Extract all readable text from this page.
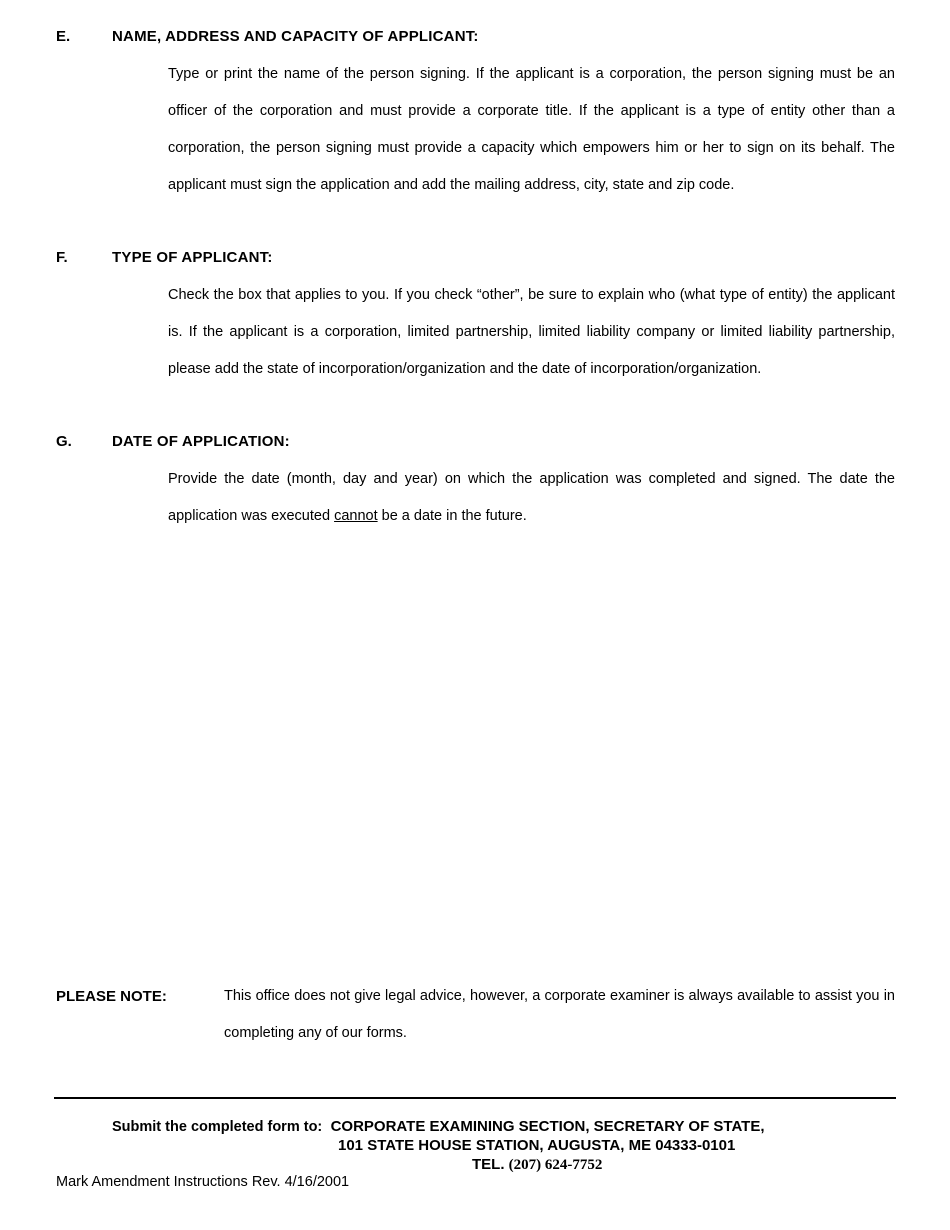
E.	NAME, ADDRESS AND CAPACITY OF APPLICANT:
Type or print the name of the person signing. If the applicant is a corporation, the person signing must be an officer of the corporation and must provide a corporate title. If the applicant is a type of entity other than a corporation, the person signing must provide a capacity which empowers him or her to sign on its behalf. The applicant must sign the application and add the mailing address, city, state and zip code.
F.	TYPE OF APPLICANT:
Check the box that applies to you. If you check “other”, be sure to explain who (what type of entity) the applicant is. If the applicant is a corporation, limited partnership, limited liability company or limited liability partnership, please add the state of incorporation/organization and the date of incorporation/organization.
G.	DATE OF APPLICATION:
Provide the date (month, day and year) on which the application was completed and signed. The date the application was executed cannot be a date in the future.
PLEASE NOTE:	This office does not give legal advice, however, a corporate examiner is always available to assist you in completing any of our forms.
Submit the completed form to: CORPORATE EXAMINING SECTION, SECRETARY OF STATE,
101 STATE HOUSE STATION, AUGUSTA, ME 04333-0101
TEL. (207) 624-7752
Mark Amendment Instructions Rev. 4/16/2001
